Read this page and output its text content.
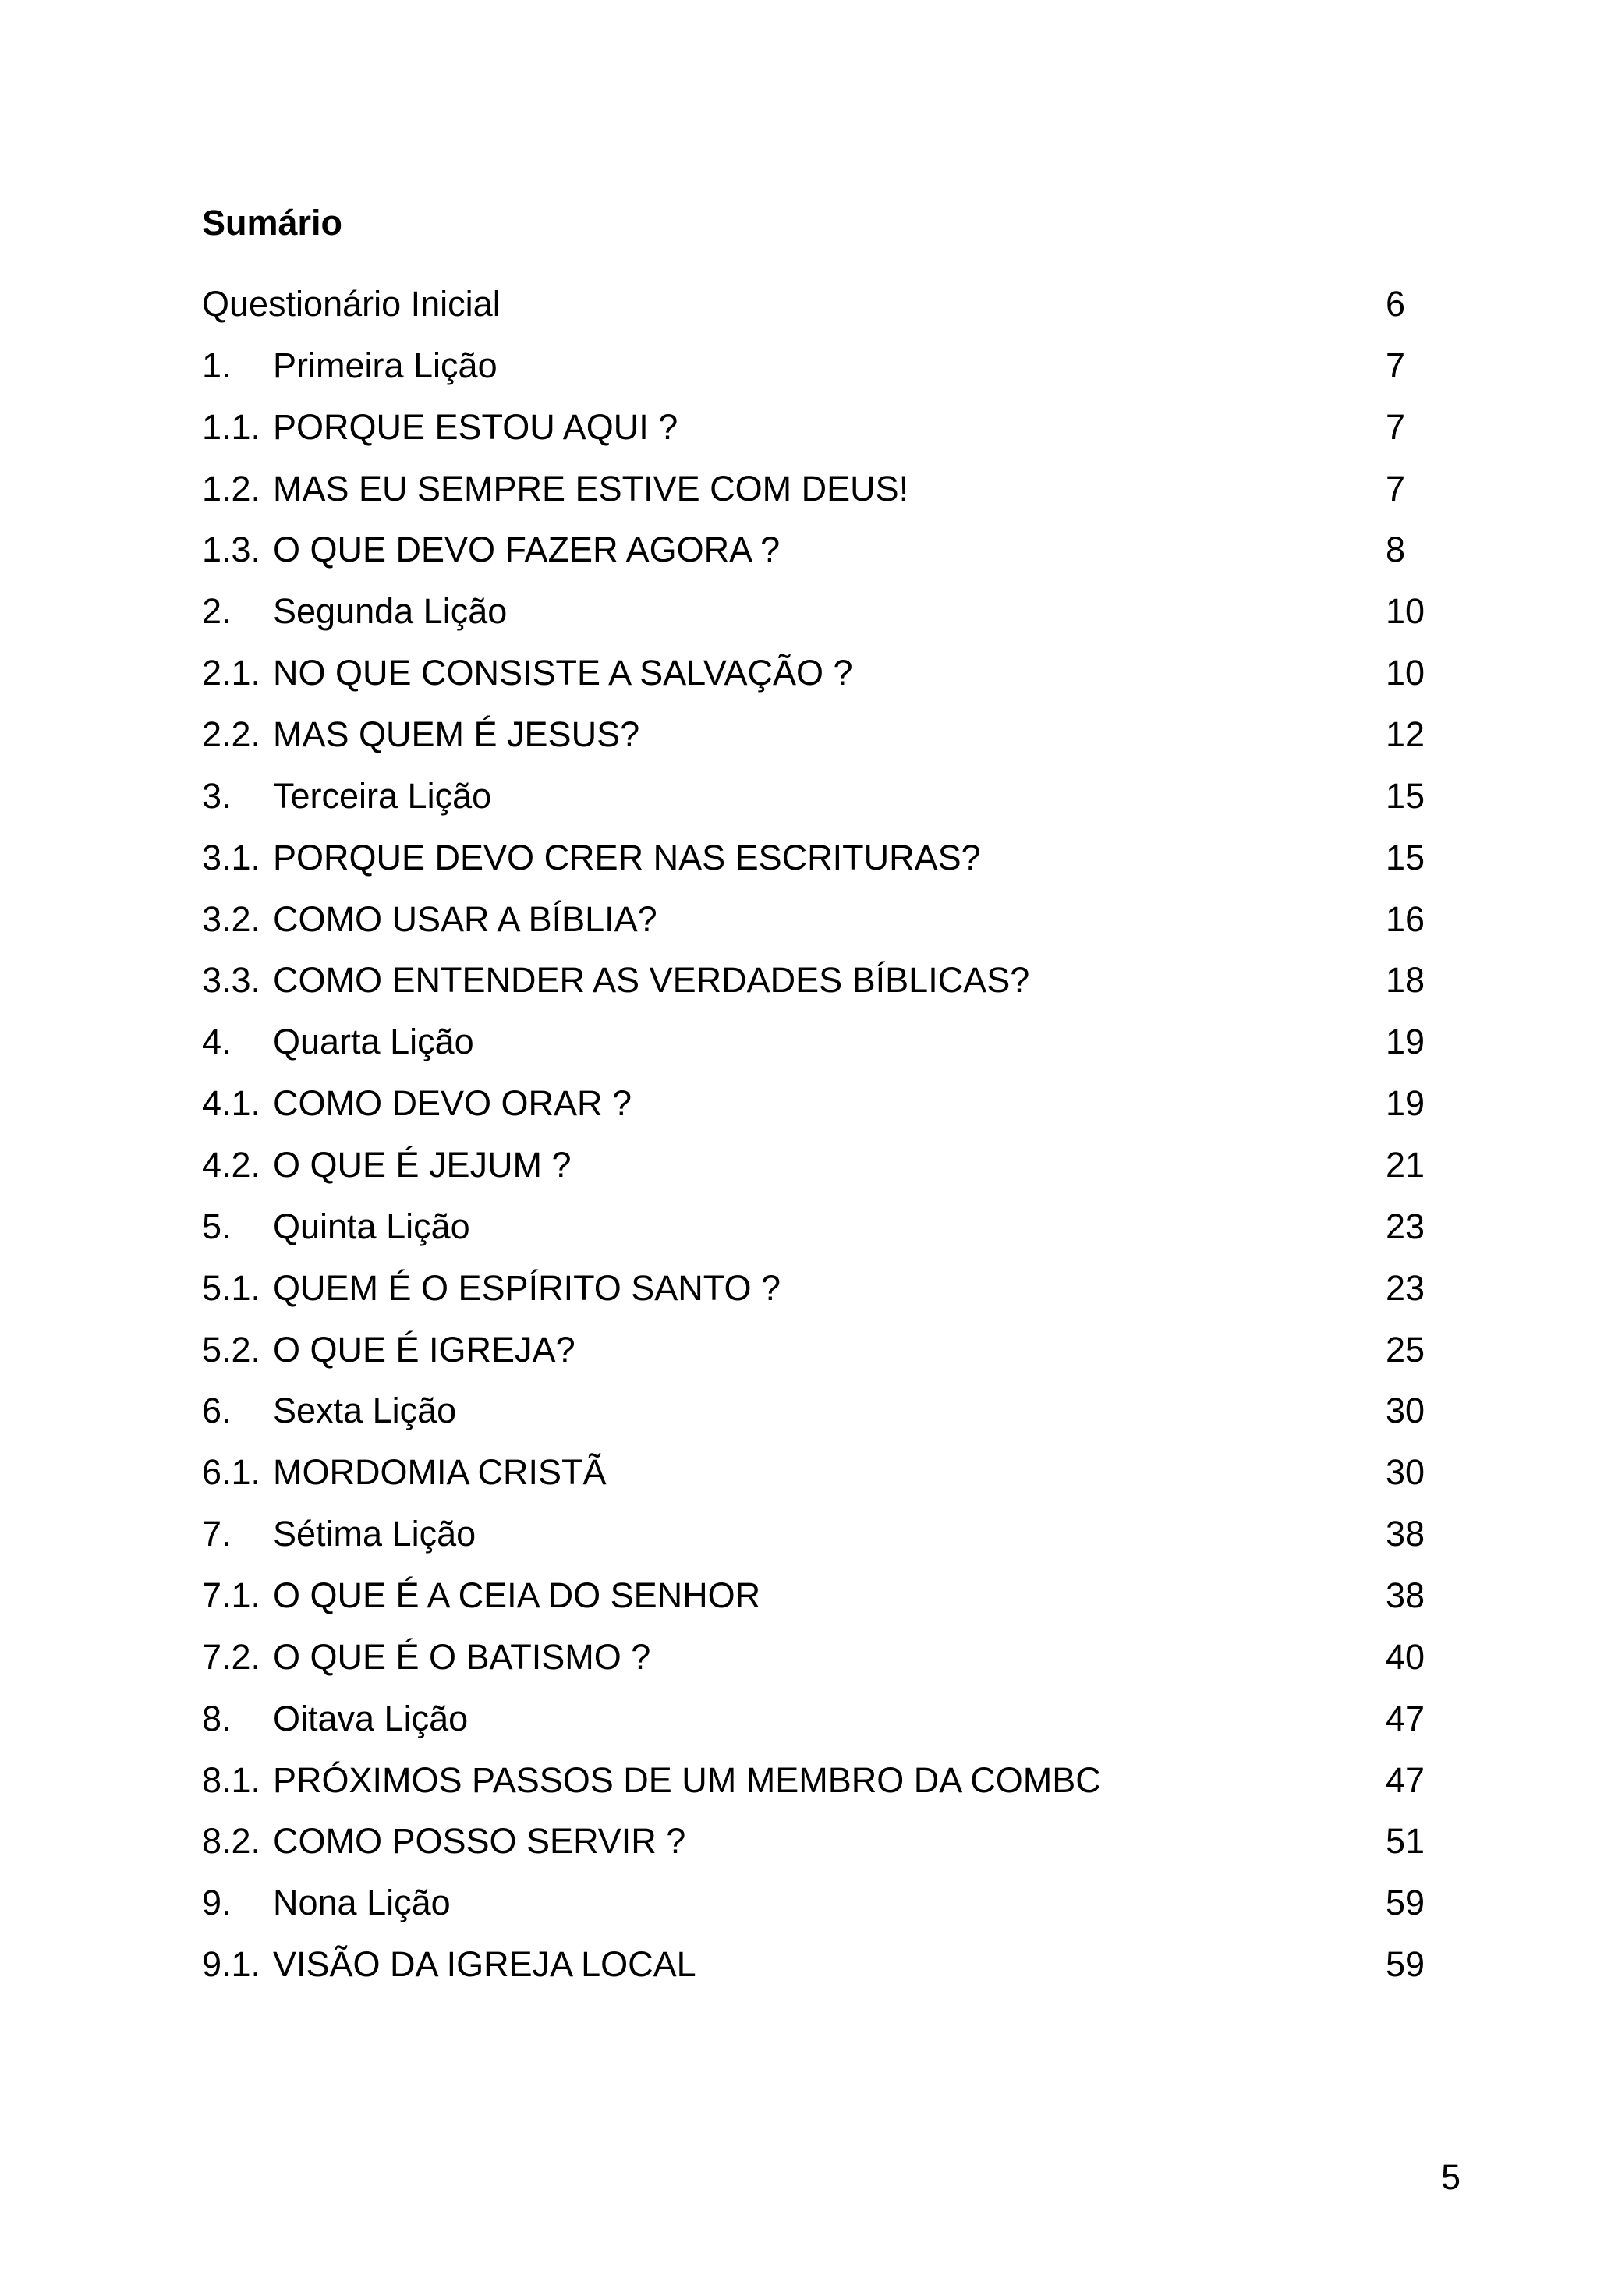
Sumário
Questionário Inicial	6
1. Primeira Lição	7
1.1. PORQUE ESTOU AQUI ?	7
1.2. MAS EU SEMPRE ESTIVE COM DEUS!	7
1.3. O QUE DEVO FAZER AGORA ?	8
2. Segunda Lição	10
2.1. NO QUE CONSISTE A SALVAÇÃO ?	10
2.2. MAS QUEM É JESUS?	12
3. Terceira Lição	15
3.1. PORQUE DEVO CRER NAS ESCRITURAS?	15
3.2. COMO USAR A BÍBLIA?	16
3.3. COMO ENTENDER AS VERDADES BÍBLICAS?	18
4. Quarta Lição	19
4.1. COMO DEVO ORAR ?	19
4.2. O QUE É JEJUM ?	21
5. Quinta Lição	23
5.1. QUEM É O ESPÍRITO SANTO ?	23
5.2. O QUE É IGREJA?	25
6. Sexta Lição	30
6.1. MORDOMIA CRISTÃ	30
7. Sétima Lição	38
7.1. O QUE É A CEIA DO SENHOR	38
7.2. O QUE É O BATISMO ?	40
8. Oitava Lição	47
8.1. PRÓXIMOS PASSOS DE UM MEMBRO DA COMBC	47
8.2. COMO POSSO SERVIR ?	51
9. Nona Lição	59
9.1. VISÃO DA IGREJA LOCAL	59
5
